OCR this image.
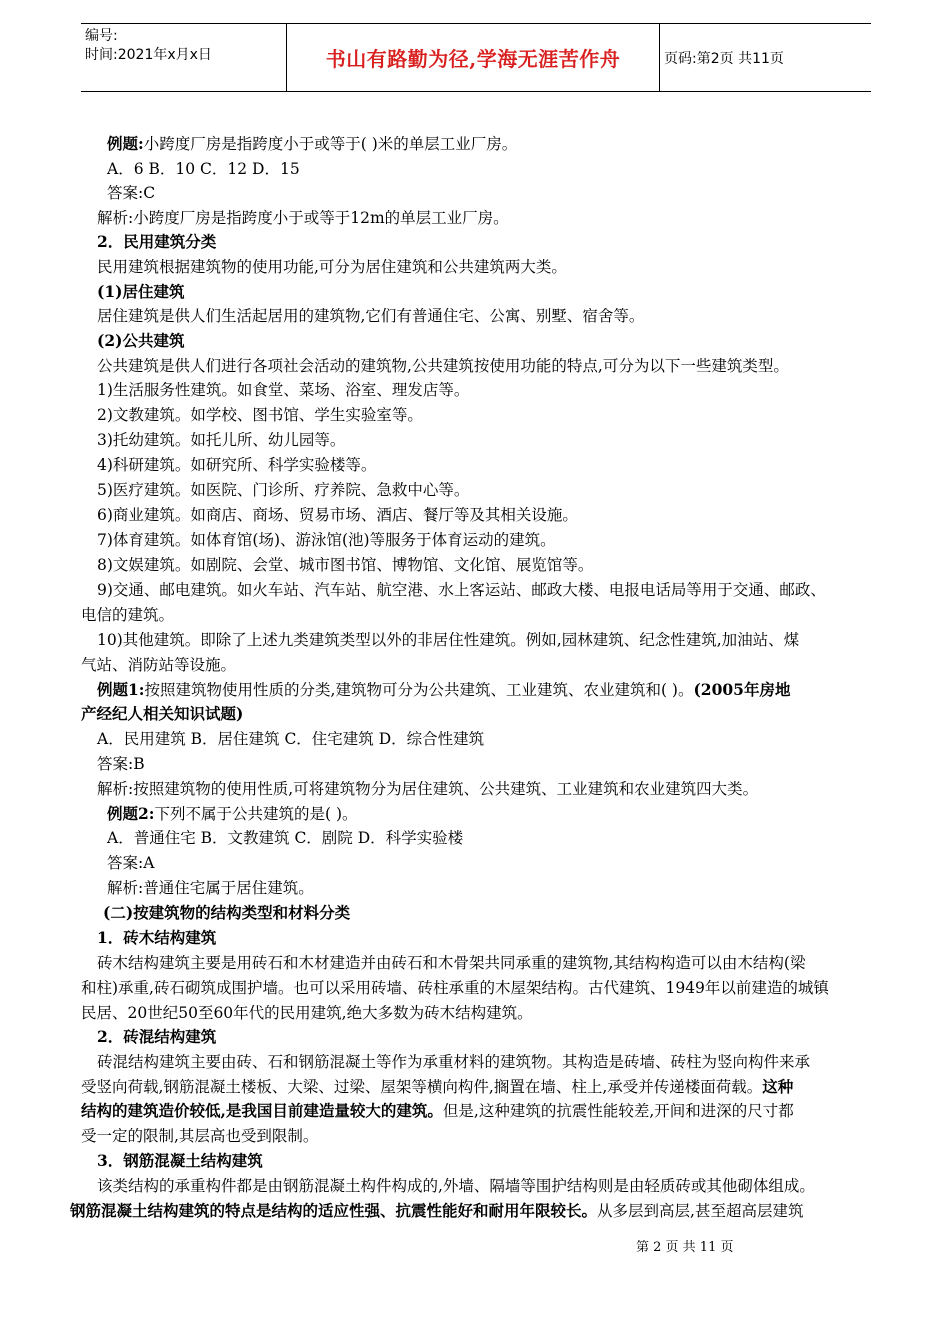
编号:
时间:2021年x月x日	书山有路勤为径,学海无涯苦作舟	页码:第2页 共11页
例题:小跨度厂房是指跨度小于或等于( )米的单层工业厂房。
A．6 B．10 C．12 D．15
答案:C
解析:小跨度厂房是指跨度小于或等于12m的单层工业厂房。
2．民用建筑分类
民用建筑根据建筑物的使用功能,可分为居住建筑和公共建筑两大类。
(1)居住建筑
居住建筑是供人们生活起居用的建筑物,它们有普通住宅、公寓、别墅、宿舍等。
(2)公共建筑
公共建筑是供人们进行各项社会活动的建筑物,公共建筑按使用功能的特点,可分为以下一些建筑类型。
1)生活服务性建筑。如食堂、菜场、浴室、理发店等。
2)文教建筑。如学校、图书馆、学生实验室等。
3)托幼建筑。如托儿所、幼儿园等。
4)科研建筑。如研究所、科学实验楼等。
5)医疗建筑。如医院、门诊所、疗养院、急救中心等。
6)商业建筑。如商店、商场、贸易市场、酒店、餐厅等及其相关设施。
7)体育建筑。如体育馆(场)、游泳馆(池)等服务于体育运动的建筑。
8)文娱建筑。如剧院、会堂、城市图书馆、博物馆、文化馆、展览馆等。
9)交通、邮电建筑。如火车站、汽车站、航空港、水上客运站、邮政大楼、电报电话局等用于交通、邮政、
电信的建筑。
10)其他建筑。即除了上述九类建筑类型以外的非居住性建筑。例如,园林建筑、纪念性建筑,加油站、煤
气站、消防站等设施。
例题1:按照建筑物使用性质的分类,建筑物可分为公共建筑、工业建筑、农业建筑和( )。(2005年房地
产经纪人相关知识试题)
A．民用建筑 B．居住建筑 C．住宅建筑 D．综合性建筑
答案:B
解析:按照建筑物的使用性质,可将建筑物分为居住建筑、公共建筑、工业建筑和农业建筑四大类。
例题2:下列不属于公共建筑的是( )。
A．普通住宅 B．文教建筑 C．剧院 D．科学实验楼
答案:A
解析:普通住宅属于居住建筑。
(二)按建筑物的结构类型和材料分类
1．砖木结构建筑
砖木结构建筑主要是用砖石和木材建造并由砖石和木骨架共同承重的建筑物,其结构构造可以由木结构(梁
和柱)承重,砖石砌筑成围护墙。也可以采用砖墙、砖柱承重的木屋架结构。古代建筑、1949年以前建造的城镇
民居、20世纪50至60年代的民用建筑,绝大多数为砖木结构建筑。
2．砖混结构建筑
砖混结构建筑主要由砖、石和钢筋混凝土等作为承重材料的建筑物。其构造是砖墙、砖柱为竖向构件来承
受竖向荷载,钢筋混凝土楼板、大梁、过梁、屋架等横向构件,搁置在墙、柱上,承受并传递楼面荷载。这种
结构的建筑造价较低,是我国目前建造量较大的建筑。但是,这种建筑的抗震性能较差,开间和进深的尺寸都
受一定的限制,其层高也受到限制。
3．钢筋混凝土结构建筑
该类结构的承重构件都是由钢筋混凝土构件构成的,外墙、隔墙等围护结构则是由轻质砖或其他砌体组成。
钢筋混凝土结构建筑的特点是结构的适应性强、抗震性能好和耐用年限较长。从多层到高层,甚至超高层建筑
第 2 页 共 11 页
